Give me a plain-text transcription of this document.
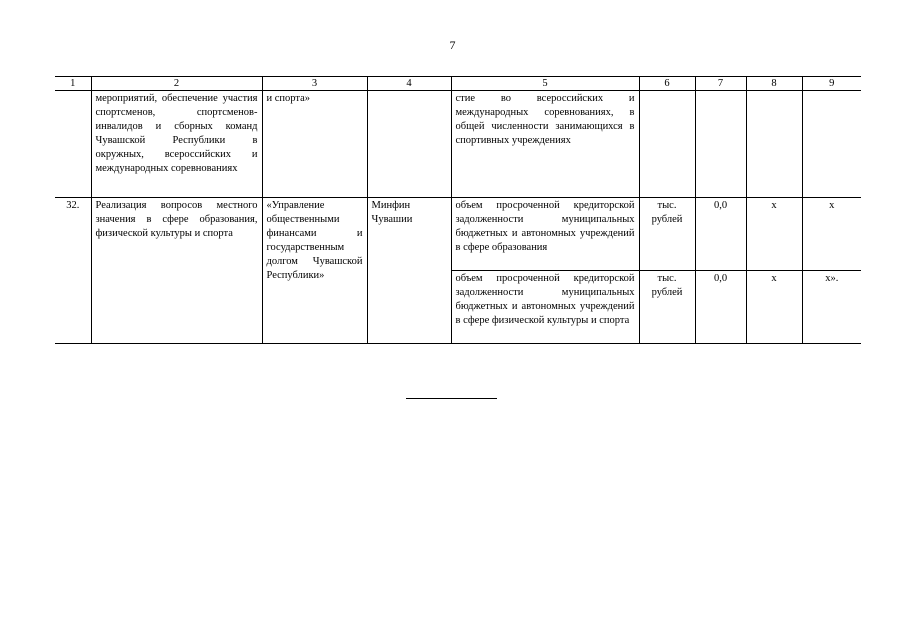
7
1	2	3	4	5	6	7	8	9
	мероприятий, обеспечение участия спортсменов, спортсменов-инвалидов и сборных команд Чувашской Республики в окружных, всероссийских и международных соревнованиях	и спорта»		стие во всероссийских и международных соревнованиях, в общей численности занимающихся в спортивных учреждениях				
32.	Реализация вопросов местного значения в сфере образования, физической культуры и спорта	«Управление общественными финансами и государственным долгом Чувашской Республики»	Минфин Чувашии	объем просроченной кредиторской задолженности муниципальных бюджетных и автономных учреждений в сфере образования	тыс. рублей	0,0	х	х
				объем просроченной кредиторской задолженности муниципальных бюджетных и автономных учреждений в сфере физической культуры и спорта	тыс. рублей	0,0	х	х».
